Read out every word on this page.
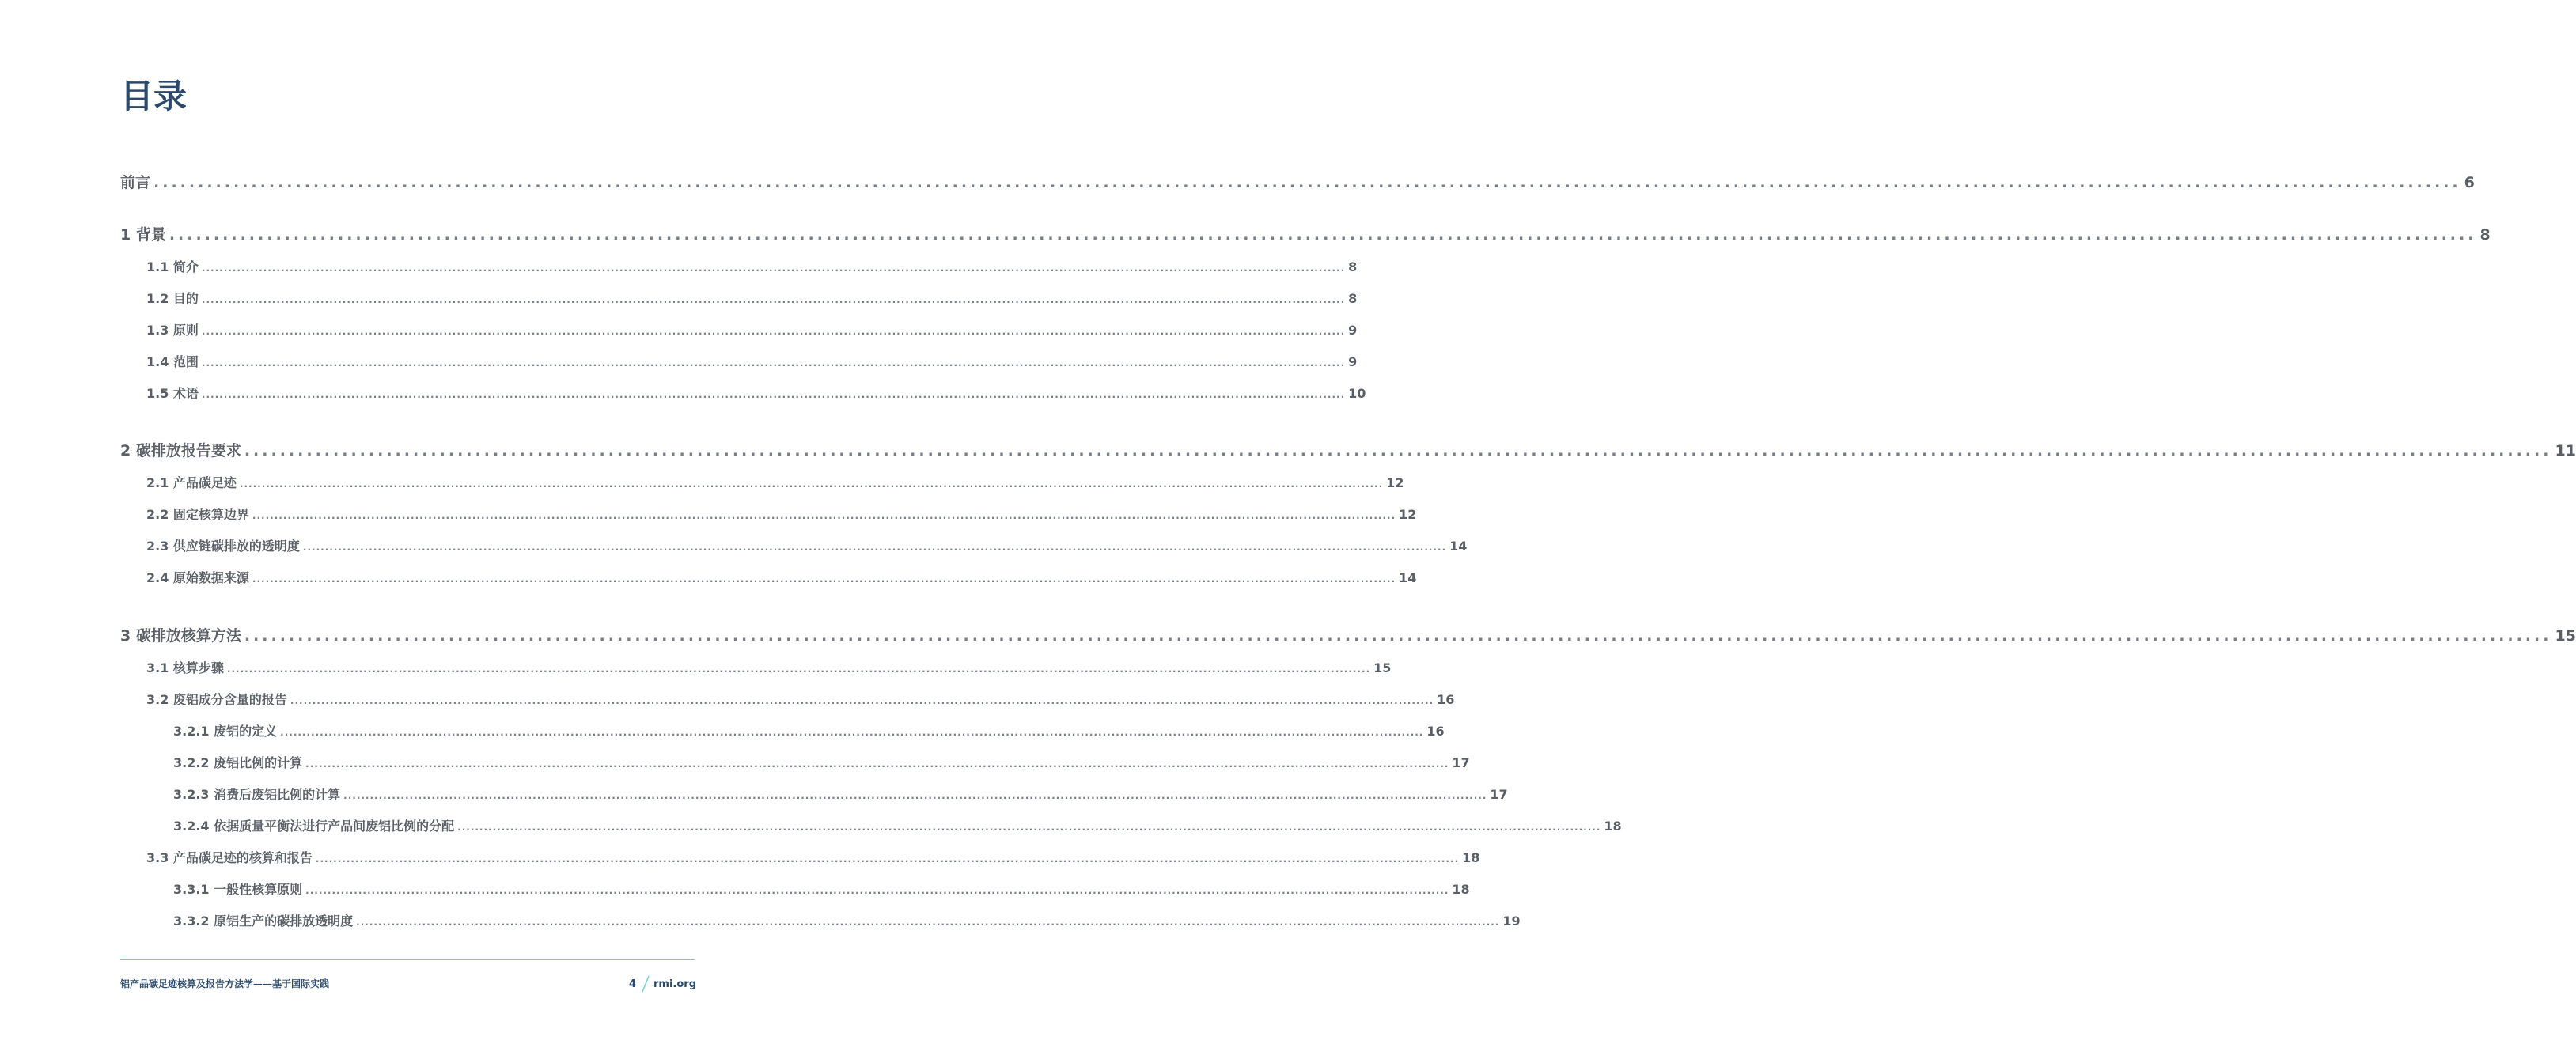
目录
前言 .................................................................................................................................................................................................................................................................... 6
1 背景 .................................................................................................................................................................................................................................................................... 8
1.1 简介 .................................................................................................................................................................................................................................................................... 8
1.2 目的 .................................................................................................................................................................................................................................................................... 8
1.3 原则 .................................................................................................................................................................................................................................................................... 9
1.4 范围 .................................................................................................................................................................................................................................................................... 9
1.5 术语 .................................................................................................................................................................................................................................................................... 10
2 碳排放报告要求 .................................................................................................................................................................................................................................................................... 11
2.1 产品碳足迹 .................................................................................................................................................................................................................................................................... 12
2.2 固定核算边界 .................................................................................................................................................................................................................................................................... 12
2.3 供应链碳排放的透明度 .................................................................................................................................................................................................................................................................... 14
2.4 原始数据来源 .................................................................................................................................................................................................................................................................... 14
3 碳排放核算方法 .................................................................................................................................................................................................................................................................... 15
3.1 核算步骤 .................................................................................................................................................................................................................................................................... 15
3.2 废铝成分含量的报告 .................................................................................................................................................................................................................................................................... 16
3.2.1 废铝的定义 .................................................................................................................................................................................................................................................................... 16
3.2.2 废铝比例的计算 .................................................................................................................................................................................................................................................................... 17
3.2.3 消费后废铝比例的计算 .................................................................................................................................................................................................................................................................... 17
3.2.4 依据质量平衡法进行产品间废铝比例的分配 .................................................................................................................................................................................................................................................................... 18
3.3 产品碳足迹的核算和报告 .................................................................................................................................................................................................................................................................... 18
3.3.1 一般性核算原则 .................................................................................................................................................................................................................................................................... 18
3.3.2 原铝生产的碳排放透明度 .................................................................................................................................................................................................................................................................... 19
铝产品碳足迹核算及报告方法学——基于国际实践	4 rmi.org
